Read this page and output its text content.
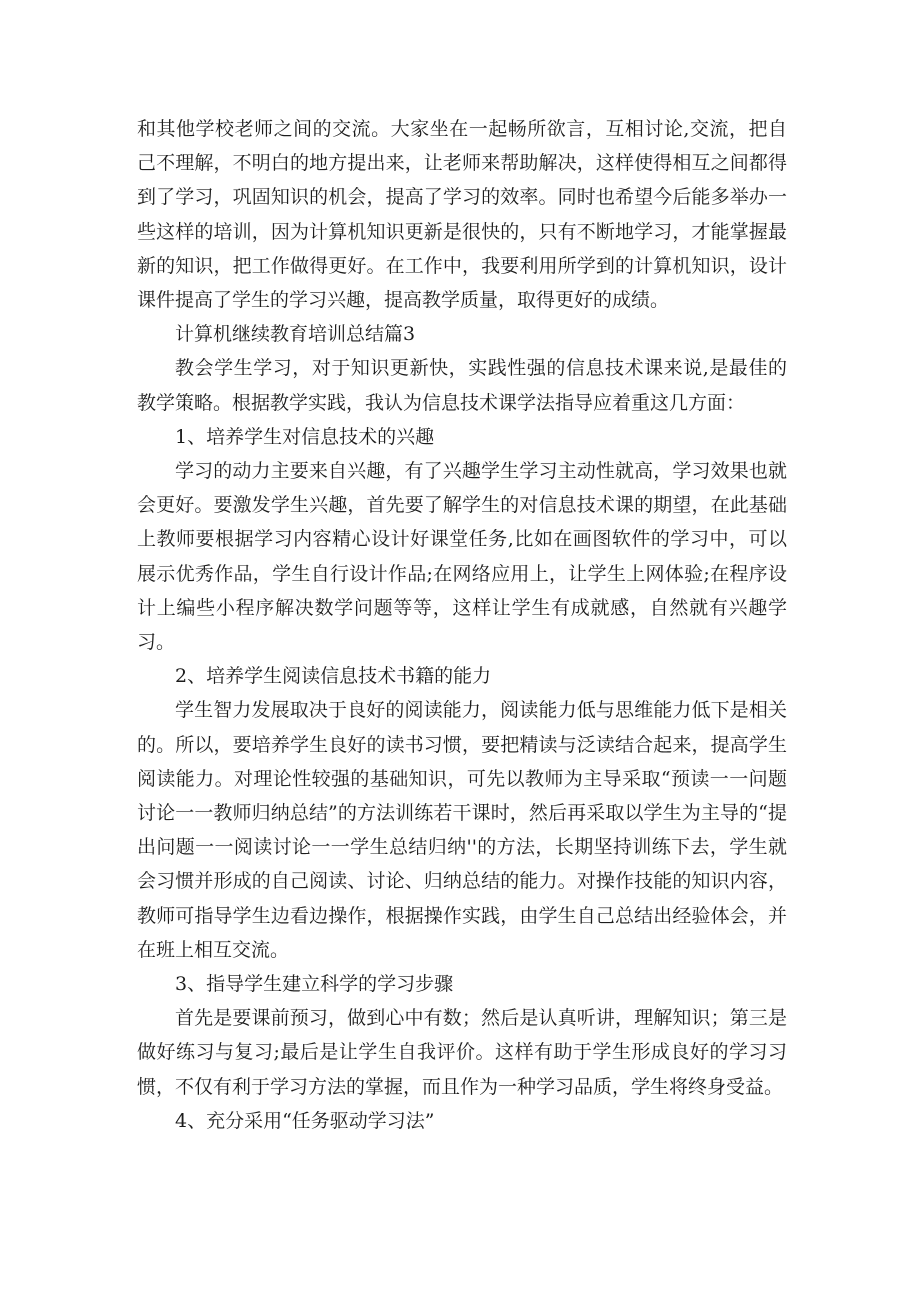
和其他学校老师之间的交流。大家坐在一起畅所欲言，互相讨论,交流，把自己不理解，不明白的地方提出来，让老师来帮助解决，这样使得相互之间都得到了学习，巩固知识的机会，提高了学习的效率。同时也希望今后能多举办一些这样的培训，因为计算机知识更新是很快的，只有不断地学习，才能掌握最新的知识，把工作做得更好。在工作中，我要利用所学到的计算机知识，设计课件提高了学生的学习兴趣，提高教学质量，取得更好的成绩。

计算机继续教育培训总结篇3

教会学生学习，对于知识更新快，实践性强的信息技术课来说,是最佳的教学策略。根据教学实践，我认为信息技术课学法指导应着重这几方面：

1、培养学生对信息技术的兴趣

学习的动力主要来自兴趣，有了兴趣学生学习主动性就高，学习效果也就会更好。要激发学生兴趣，首先要了解学生的对信息技术课的期望，在此基础上教师要根据学习内容精心设计好课堂任务,比如在画图软件的学习中，可以展示优秀作品，学生自行设计作品;在网络应用上，让学生上网体验;在程序设计上编些小程序解决数学问题等等，这样让学生有成就感，自然就有兴趣学习。

2、培养学生阅读信息技术书籍的能力

学生智力发展取决于良好的阅读能力，阅读能力低与思维能力低下是相关的。所以，要培养学生良好的读书习惯，要把精读与泛读结合起来，提高学生阅读能力。对理论性较强的基础知识，可先以教师为主导采取“预读一一问题讨论一一教师归纳总结”的方法训练若干课时，然后再采取以学生为主导的“提出问题一一阅读讨论一一学生总结归纳''的方法，长期坚持训练下去，学生就会习惯并形成的自己阅读、讨论、归纳总结的能力。对操作技能的知识内容，教师可指导学生边看边操作，根据操作实践，由学生自己总结出经验体会，并在班上相互交流。

3、指导学生建立科学的学习步骤

首先是要课前预习，做到心中有数；然后是认真听讲，理解知识；第三是做好练习与复习;最后是让学生自我评价。这样有助于学生形成良好的学习习惯，不仅有利于学习方法的掌握，而且作为一种学习品质，学生将终身受益。

4、充分采用“任务驱动学习法”
